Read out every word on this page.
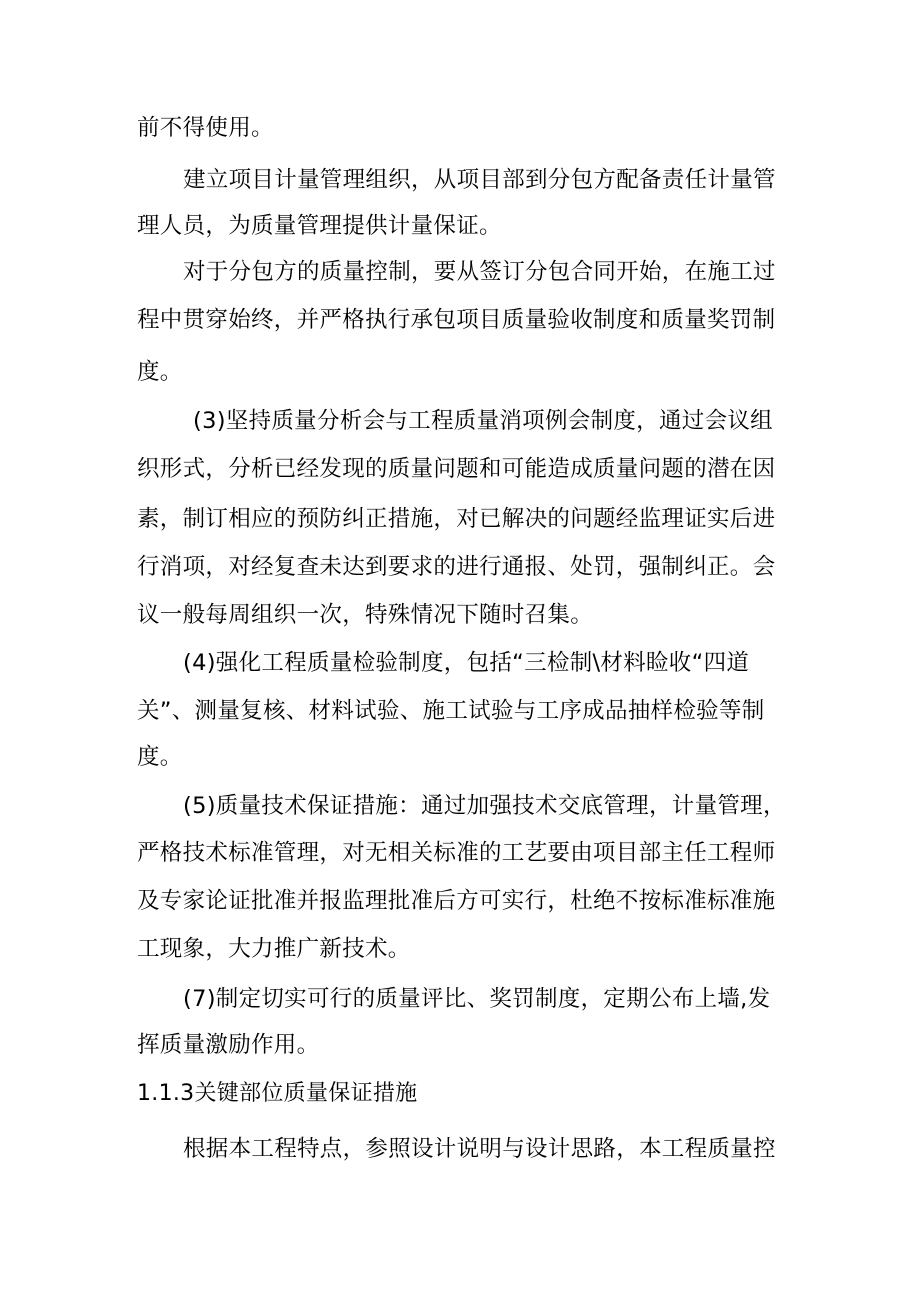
前不得使用。
建立项目计量管理组织，从项目部到分包方配备责任计量管
理人员，为质量管理提供计量保证。
对于分包方的质量控制，要从签订分包合同开始，在施工过
程中贯穿始终，并严格执行承包项目质量验收制度和质量奖罚制
度。
(3)坚持质量分析会与工程质量消项例会制度，通过会议组
织形式，分析已经发现的质量问题和可能造成质量问题的潜在因
素，制订相应的预防纠正措施，对已解决的问题经监理证实后进
行消项，对经复查未达到要求的进行通报、处罚，强制纠正。会
议一般每周组织一次，特殊情况下随时召集。
(4)强化工程质量检验制度，包括“三检制\材料睑收“四道
关”、测量复核、材料试验、施工试验与工序成品抽样检验等制
度。
(5)质量技术保证措施：通过加强技术交底管理，计量管理，
严格技术标准管理，对无相关标准的工艺要由项目部主任工程师
及专家论证批准并报监理批准后方可实行，杜绝不按标准标准施
工现象，大力推广新技术。
(7)制定切实可行的质量评比、奖罚制度，定期公布上墙,发
挥质量激励作用。
1.1.3关键部位质量保证措施
根据本工程特点，参照设计说明与设计思路，本工程质量控
